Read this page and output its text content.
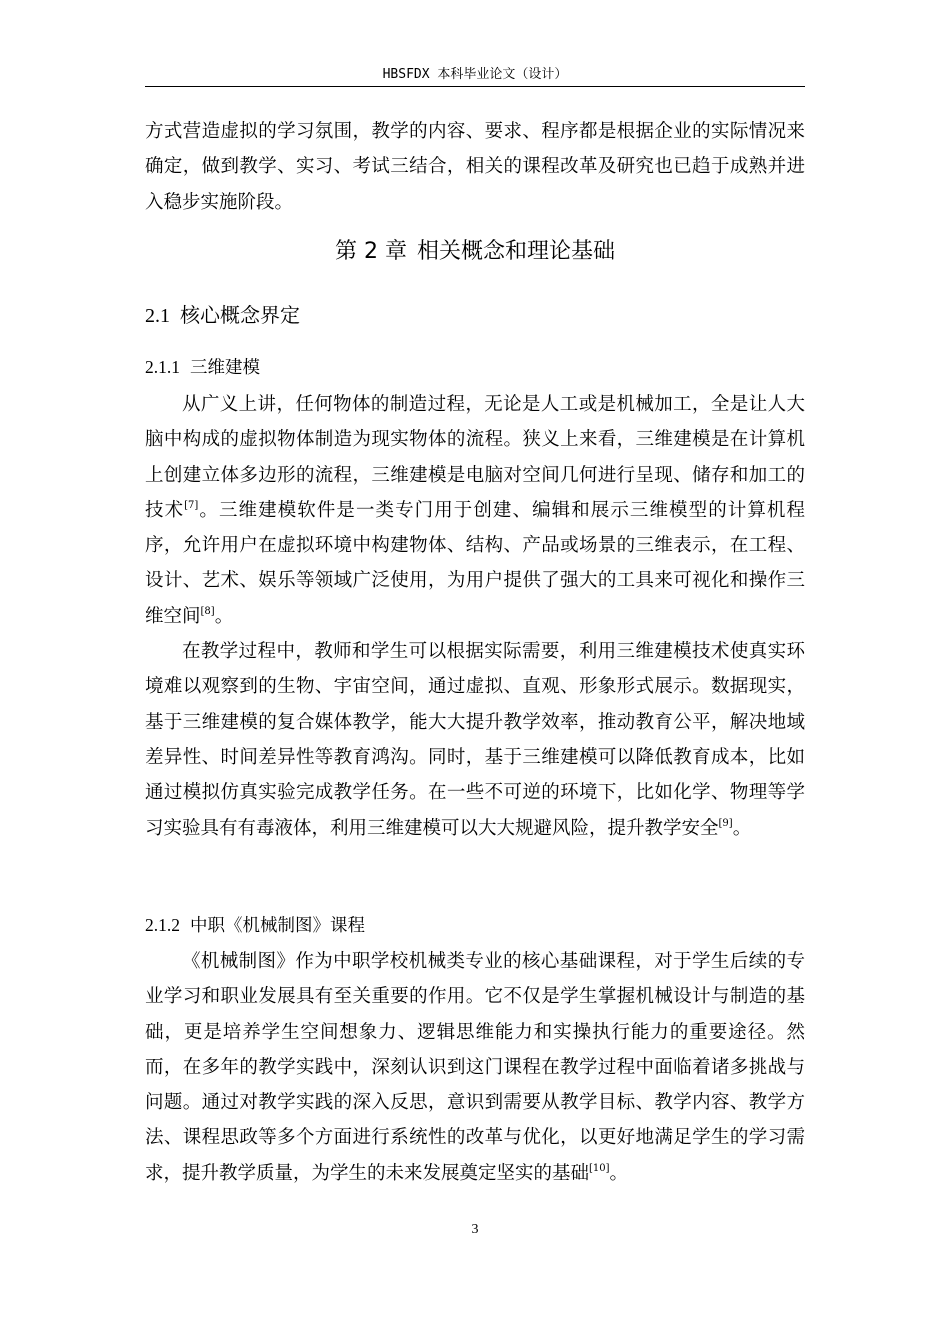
HBSFDX 本科毕业论文（设计）

方式营造虚拟的学习氛围，教学的内容、要求、程序都是根据企业的实际情况来确定，做到教学、实习、考试三结合，相关的课程改革及研究也已趋于成熟并进入稳步实施阶段。

第 2 章 相关概念和理论基础
2.1 核心概念界定
2.1.1 三维建模

从广义上讲，任何物体的制造过程，无论是人工或是机械加工，全是让人大脑中构成的虚拟物体制造为现实物体的流程。狭义上来看，三维建模是在计算机上创建立体多边形的流程，三维建模是电脑对空间几何进行呈现、储存和加工的技术[7]。三维建模软件是一类专门用于创建、编辑和展示三维模型的计算机程序，允许用户在虚拟环境中构建物体、结构、产品或场景的三维表示，在工程、设计、艺术、娱乐等领域广泛使用，为用户提供了强大的工具来可视化和操作三维空间[8]。

在教学过程中，教师和学生可以根据实际需要，利用三维建模技术使真实环境难以观察到的生物、宇宙空间，通过虚拟、直观、形象形式展示。数据现实，基于三维建模的复合媒体教学，能大大提升教学效率，推动教育公平，解决地域差异性、时间差异性等教育鸿沟。同时，基于三维建模可以降低教育成本，比如通过模拟仿真实验完成教学任务。在一些不可逆的环境下，比如化学、物理等学习实验具有有毒液体，利用三维建模可以大大规避风险，提升教学安全[9]。

2.1.2 中职《机械制图》课程

《机械制图》作为中职学校机械类专业的核心基础课程，对于学生后续的专业学习和职业发展具有至关重要的作用。它不仅是学生掌握机械设计与制造的基础，更是培养学生空间想象力、逻辑思维能力和实操执行能力的重要途径。然而，在多年的教学实践中，深刻认识到这门课程在教学过程中面临着诸多挑战与问题。通过对教学实践的深入反思，意识到需要从教学目标、教学内容、教学方法、课程思政等多个方面进行系统性的改革与优化，以更好地满足学生的学习需求，提升教学质量，为学生的未来发展奠定坚实的基础[10]。

3
